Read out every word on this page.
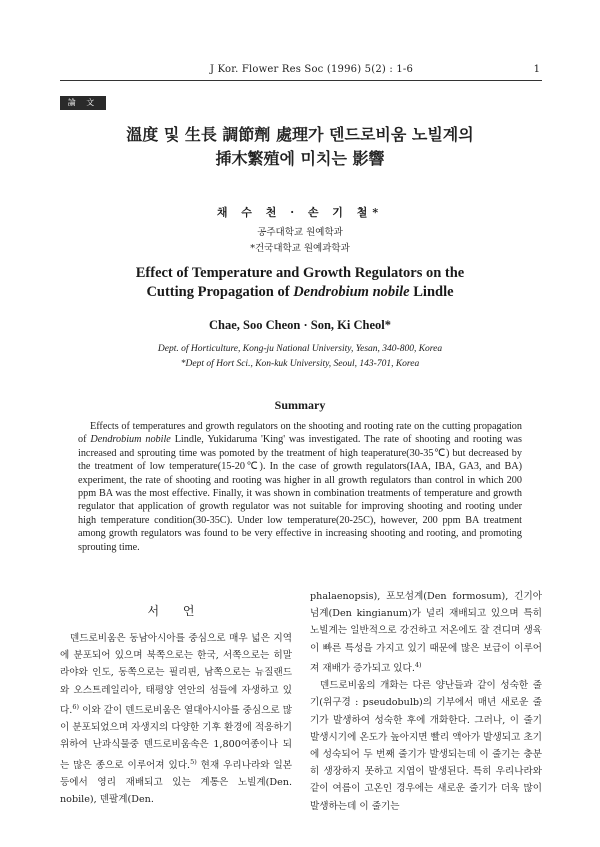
J Kor. Flower Res Soc (1996) 5(2) : 1-6	1
論 文
溫度 및 生長 調節劑 處理가 덴드로비움 노빌계의
揷木繁殖에 미치는 影響
채 수 천 · 손 기 철*
공주대학교 원예학과
*건국대학교 원예과학과
Effect of Temperature and Growth Regulators on the
Cutting Propagation of Dendrobium nobile Lindle
Chae, Soo Cheon · Son, Ki Cheol*
Dept. of Horticulture, Kong-ju National University, Yesan, 340-800, Korea
*Dept of Hort Sci., Kon-kuk University, Seoul, 143-701, Korea
Summary
Effects of temperatures and growth regulators on the shooting and rooting rate on the cutting propagation of Dendrobium nobile Lindle, Yukidaruma 'King' was investigated. The rate of shooting and rooting was increased and sprouting time was pomoted by the treatment of high teaperature(30-35℃) but decreased by the treatment of low temperature(15-20℃). In the case of growth regulators(IAA, IBA, GA3, and BA) experiment, the rate of shooting and rooting was higher in all growth regulators than control in which 200 ppm BA was the most effective. Finally, it was shown in combination treatments of temperature and growth regulator that application of growth regulator was not suitable for improving shooting and rooting under high temperature condition(30-35C). Under low temperature(20-25C), however, 200 ppm BA treatment among growth regulators was found to be very effective in increasing shooting and rooting, and promoting sprouting time.
서 언
덴드로비움은 동남아시아를 중심으로 매우 넓은 지역에 분포되어 있으며 북쪽으로는 한국, 서쪽으로는 히말라야와 인도, 동쪽으로는 필리핀, 남쪽으로는 뉴질랜드와 오스트레일리아, 태평양 연안의 섬들에 자생하고 있다.$^{6)}$ 이와 같이 덴드로비움은 열대아시아를 중심으로 많이 분포되었으며 자생지의 다양한 기후 환경에 적응하기 위하여 난과식물중 덴드로비움속은 1,800여종이나 되는 많은 종으로 이루어져 있다.$^{5)}$ 현재 우리나라와 일본 등에서 영리 재배되고 있는 계통은 노빌계(Den. nobile), 덴팔계(Den.
phalaenopsis), 포모섬계(Den formosum), 긴기아넘계(Den kingianum)가 널리 재배되고 있으며 특히 노빌계는 일반적으로 강건하고 저온에도 잘 견디며 생육이 빠른 특성을 가지고 있기 때문에 많은 보급이 이루어져 재배가 증가되고 있다.$^{4)}$
덴드로비움의 개화는 다른 양난들과 같이 성숙한 줄기(위구경 : pseudobulb)의 기부에서 매년 새로운 줄기가 발생하여 성숙한 후에 개화한다. 그러나, 이 줄기 발생시기에 온도가 높아지면 빨리 액아가 발생되고 초기에 성숙되어 두 번째 줄기가 발생되는데 이 줄기는 충분히 생장하지 못하고 지엽이 발생된다. 특히 우리나라와 같이 여름이 고온인 경우에는 새로운 줄기가 더욱 많이 발생하는데 이 줄기는
